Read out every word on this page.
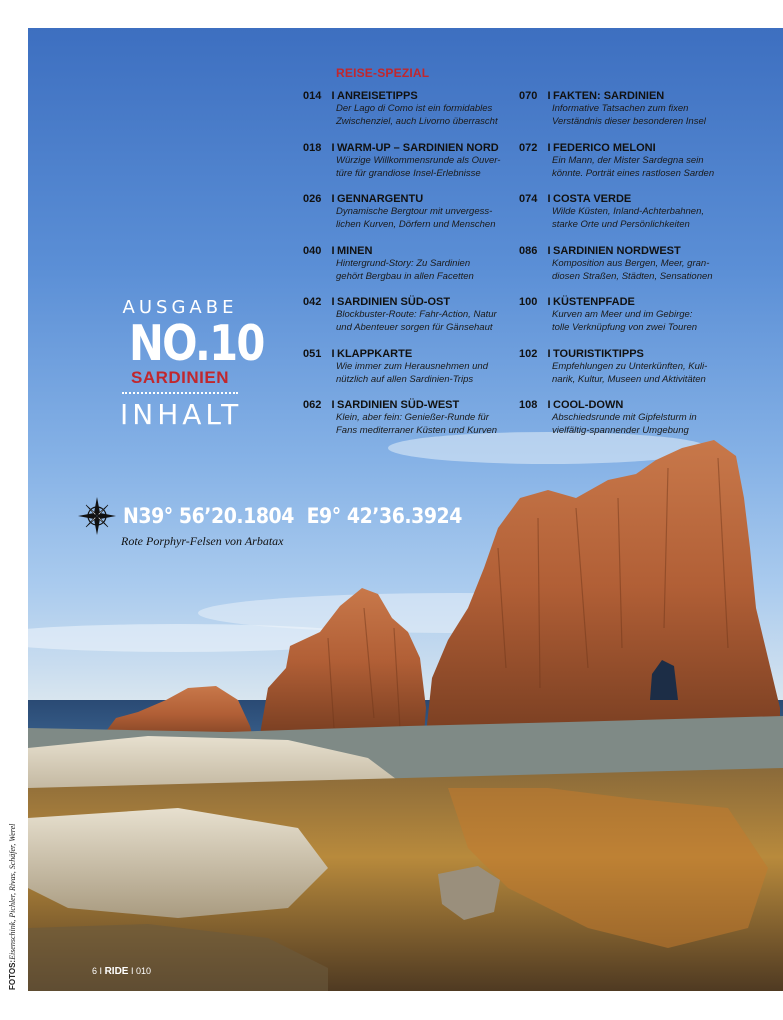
REISE-SPEZIAL
014 I ANREISETIPPS
Der Lago di Como ist ein formidables
Zwischenziel, auch Livorno überrascht
018 I WARM-UP – SARDINIEN NORD
Würzige Willkommensrunde als Ouver-
türe für grandiose Insel-Erlebnisse
026 I GENNARGENTU
Dynamische Bergtour mit unvergess-
lichen Kurven, Dörfern und Menschen
040 I MINEN
Hintergrund-Story: Zu Sardinien
gehört Bergbau in allen Facetten
042 I SARDINIEN SÜD-OST
Blockbuster-Route: Fahr-Action, Natur
und Abenteuer sorgen für Gänsehaut
051 I KLAPPKARTE
Wie immer zum Herausnehmen und
nützlich auf allen Sardinien-Trips
062 I SARDINIEN SÜD-WEST
Klein, aber fein: Genießer-Runde für
Fans mediterraner Küsten und Kurven
070 I FAKTEN: SARDINIEN
Informative Tatsachen zum fixen
Verständnis dieser besonderen Insel
072 I FEDERICO MELONI
Ein Mann, der Mister Sardegna sein
könnte. Porträt eines rastlosen Sarden
074 I COSTA VERDE
Wilde Küsten, Inland-Achterbahnen,
starke Orte und Persönlichkeiten
086 I SARDINIEN NORDWEST
Komposition aus Bergen, Meer, gran-
diosen Straßen, Städten, Sensationen
100 I KÜSTENPFADE
Kurven am Meer und im Gebirge:
tolle Verknüpfung von zwei Touren
102 I TOURISTIKTIPPS
Empfehlungen zu Unterkünften, Kuli-
narik, Kultur, Museen und Aktivitäten
108 I COOL-DOWN
Abschiedsrunde mit Gipfelsturm in
vielfältig-spannender Umgebung
AUSGABE
NO.10
SARDINIEN
INHALT
N39° 56’20.1804 E9° 42’36.3924
Rote Porphyr-Felsen von Arbatax
FOTOS:Eisenschink, Pichler, Rivas, Schäfer, Werel
6 I RIDE I 010
